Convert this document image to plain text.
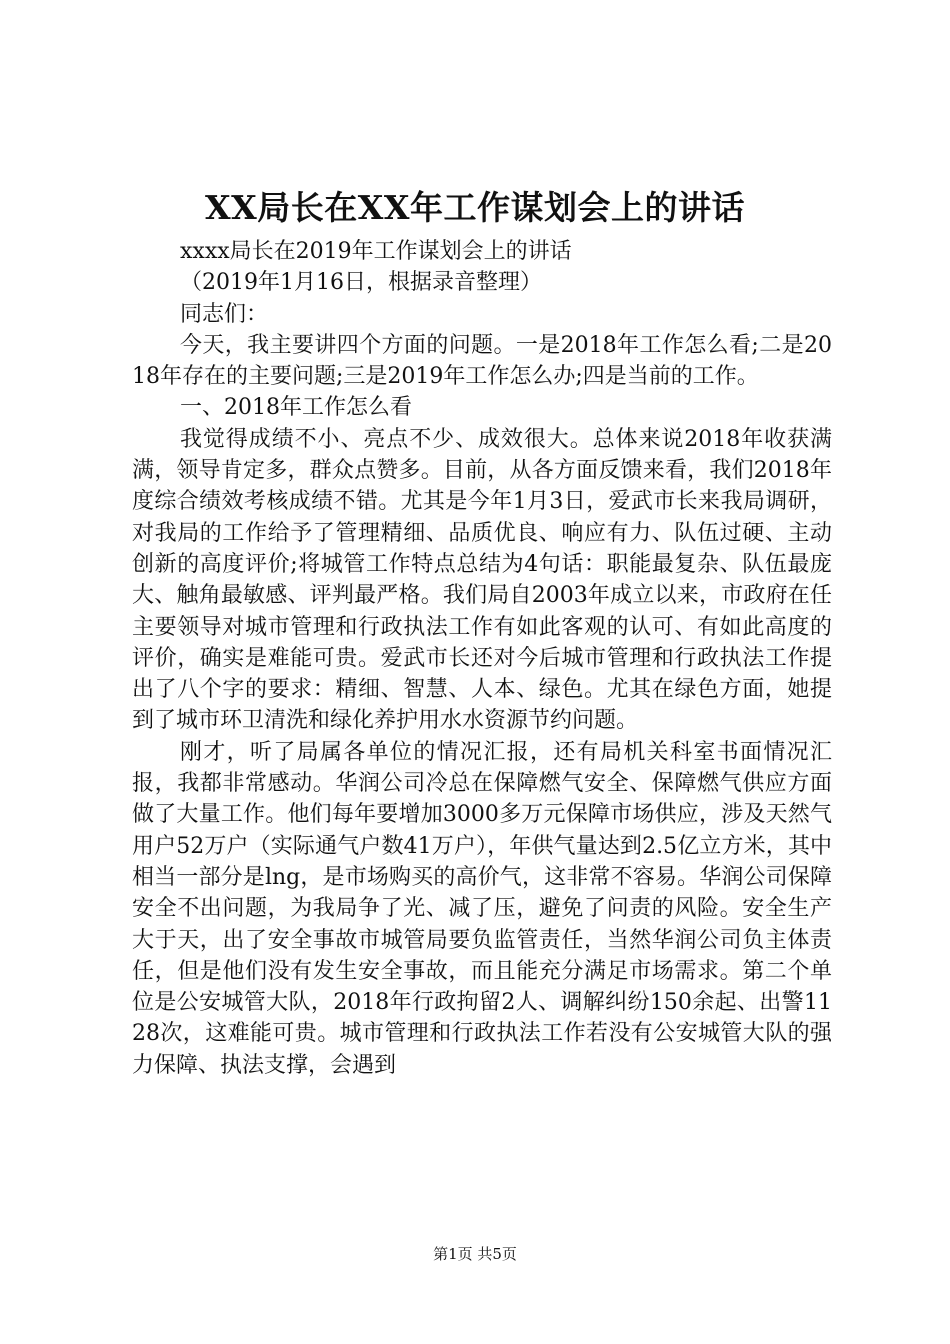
XX局长在XX年工作谋划会上的讲话

xxxx局长在2019年工作谋划会上的讲话

（2019年1月16日，根据录音整理）

同志们：

今天，我主要讲四个方面的问题。一是2018年工作怎么看;二是2018年存在的主要问题;三是2019年工作怎么办;四是当前的工作。

一、2018年工作怎么看

我觉得成绩不小、亮点不少、成效很大。总体来说2018年收获满满，领导肯定多，群众点赞多。目前，从各方面反馈来看，我们2018年度综合绩效考核成绩不错。尤其是今年1月3日，爱武市长来我局调研，对我局的工作给予了管理精细、品质优良、响应有力、队伍过硬、主动创新的高度评价;将城管工作特点总结为4句话：职能最复杂、队伍最庞大、触角最敏感、评判最严格。我们局自2003年成立以来，市政府在任主要领导对城市管理和行政执法工作有如此客观的认可、有如此高度的评价，确实是难能可贵。爱武市长还对今后城市管理和行政执法工作提出了八个字的要求：精细、智慧、人本、绿色。尤其在绿色方面，她提到了城市环卫清洗和绿化养护用水水资源节约问题。

刚才，听了局属各单位的情况汇报，还有局机关科室书面情况汇报，我都非常感动。华润公司冷总在保障燃气安全、保障燃气供应方面做了大量工作。他们每年要增加3000多万元保障市场供应，涉及天然气用户52万户（实际通气户数41万户），年供气量达到2.5亿立方米，其中相当一部分是lng，是市场购买的高价气，这非常不容易。华润公司保障安全不出问题，为我局争了光、减了压，避免了问责的风险。安全生产大于天，出了安全事故市城管局要负监管责任，当然华润公司负主体责任，但是他们没有发生安全事故，而且能充分满足市场需求。第二个单位是公安城管大队，2018年行政拘留2人、调解纠纷150余起、出警1128次，这难能可贵。城市管理和行政执法工作若没有公安城管大队的强力保障、执法支撑，会遇到

第1页 共5页
